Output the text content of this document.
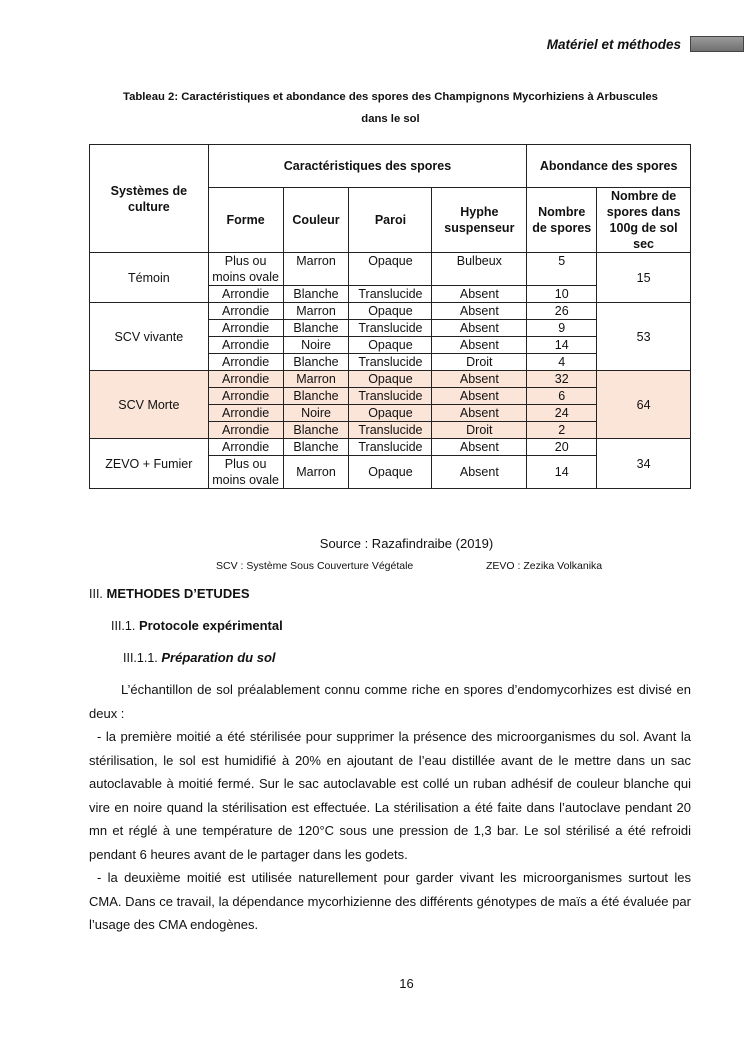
Matériel et méthodes
Tableau 2: Caractéristiques et abondance des spores des Champignons Mycorhiziens à Arbuscules
dans le sol
Systèmes de culture	Caractéristiques des spores				Abondance des spores	
	Forme	Couleur	Paroi	Hyphe suspenseur	Nombre de spores	Nombre de spores dans 100g de sol sec
Témoin	Plus ou moins ovale	Marron	Opaque	Bulbeux	5	15
	Arrondie	Blanche	Translucide	Absent	10	
SCV vivante	Arrondie	Marron	Opaque	Absent	26	53
	Arrondie	Blanche	Translucide	Absent	9	
	Arrondie	Noire	Opaque	Absent	14	
	Arrondie	Blanche	Translucide	Droit	4	
SCV Morte	Arrondie	Marron	Opaque	Absent	32	64
	Arrondie	Blanche	Translucide	Absent	6	
	Arrondie	Noire	Opaque	Absent	24	
	Arrondie	Blanche	Translucide	Droit	2	
ZEVO + Fumier	Arrondie	Blanche	Translucide	Absent	20	34
	Plus ou moins ovale	Marron	Opaque	Absent	14	
Source : Razafindraibe (2019)
SCV : Système Sous Couverture Végétale	ZEVO : Zezika Volkanika
III. METHODES D’ETUDES
III.1. Protocole expérimental
III.1.1. Préparation du sol

L’échantillon de sol préalablement connu comme riche en spores d’endomycorhizes est divisé en deux :

- la première moitié a été stérilisée pour supprimer la présence des microorganismes du sol. Avant la stérilisation, le sol est humidifié à 20% en ajoutant de l’eau distillée avant de le mettre dans un sac autoclavable à moitié fermé. Sur le sac autoclavable est collé un ruban adhésif de couleur blanche qui vire en noire quand la stérilisation est effectuée. La stérilisation a été faite dans l’autoclave pendant 20 mn et réglé à une température de 120°C sous une pression de 1,3 bar. Le sol stérilisé a été refroidi pendant 6 heures avant de le partager dans les godets.

- la deuxième moitié est utilisée naturellement pour garder vivant les microorganismes surtout les CMA. Dans ce travail, la dépendance mycorhizienne des différents génotypes de maïs a été évaluée par l’usage des CMA endogènes.

16
